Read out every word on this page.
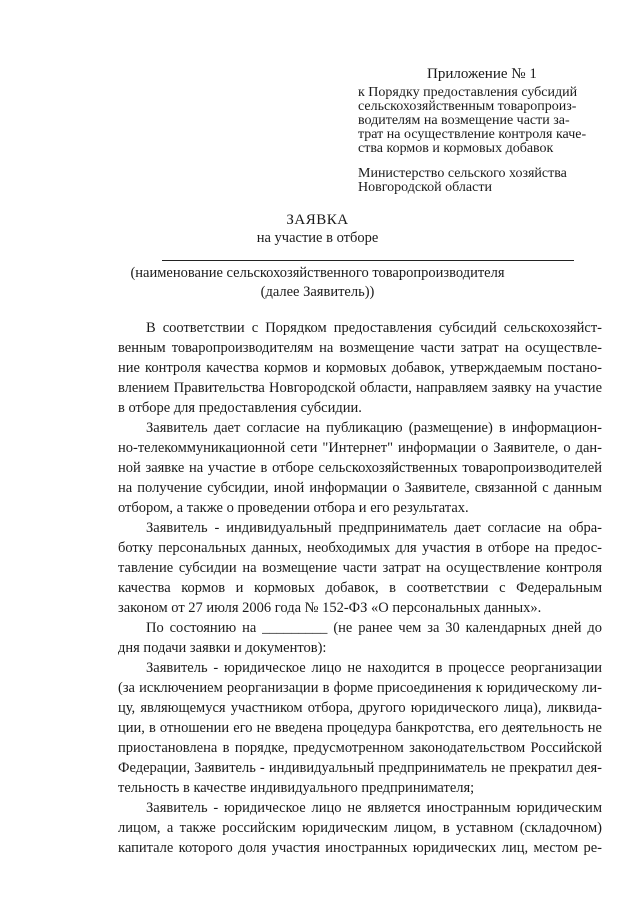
Приложение № 1
к Порядку предоставления субсидий
сельскохозяйственным товаропроиз-
водителям на возмещение части за-
трат на осуществление контроля каче-
ства кормов и кормовых добавок
Министерство сельского хозяйства
Новгородской области
ЗАЯВКА
на участие в отборе
(наименование сельскохозяйственного товаропроизводителя
(далее Заявитель))
В соответствии с Порядком предоставления субсидий сельскохозяйст-
венным товаропроизводителям на возмещение части затрат на осуществле-
ние контроля качества кормов и кормовых добавок, утверждаемым постано-
влением Правительства Новгородской области, направляем заявку на участие
в отборе для предоставления субсидии.
Заявитель дает согласие на публикацию (размещение) в информацион-
но-телекоммуникационной сети "Интернет" информации о Заявителе, о дан-
ной заявке на участие в отборе сельскохозяйственных товаропроизводителей
на получение субсидии, иной информации о Заявителе, связанной с данным
отбором, а также о проведении отбора и его результатах.
Заявитель - индивидуальный предприниматель дает согласие на обра-
ботку персональных данных, необходимых для участия в отборе на предос-
тавление субсидии на возмещение части затрат на осуществление контроля
качества кормов и кормовых добавок, в соответствии с Федеральным
законом от 27 июля 2006 года № 152-ФЗ «О персональных данных».
По состоянию на _________ (не ранее чем за 30 календарных дней до
дня подачи заявки и документов):
Заявитель - юридическое лицо не находится в процессе реорганизации
(за исключением реорганизации в форме присоединения к юридическому ли-
цу, являющемуся участником отбора, другого юридического лица), ликвида-
ции, в отношении его не введена процедура банкротства, его деятельность не
приостановлена в порядке, предусмотренном законодательством Российской
Федерации, Заявитель - индивидуальный предприниматель не прекратил дея-
тельность в качестве индивидуального предпринимателя;
Заявитель - юридическое лицо не является иностранным юридическим
лицом, а также российским юридическим лицом, в уставном (складочном)
капитале которого доля участия иностранных юридических лиц, местом ре-
